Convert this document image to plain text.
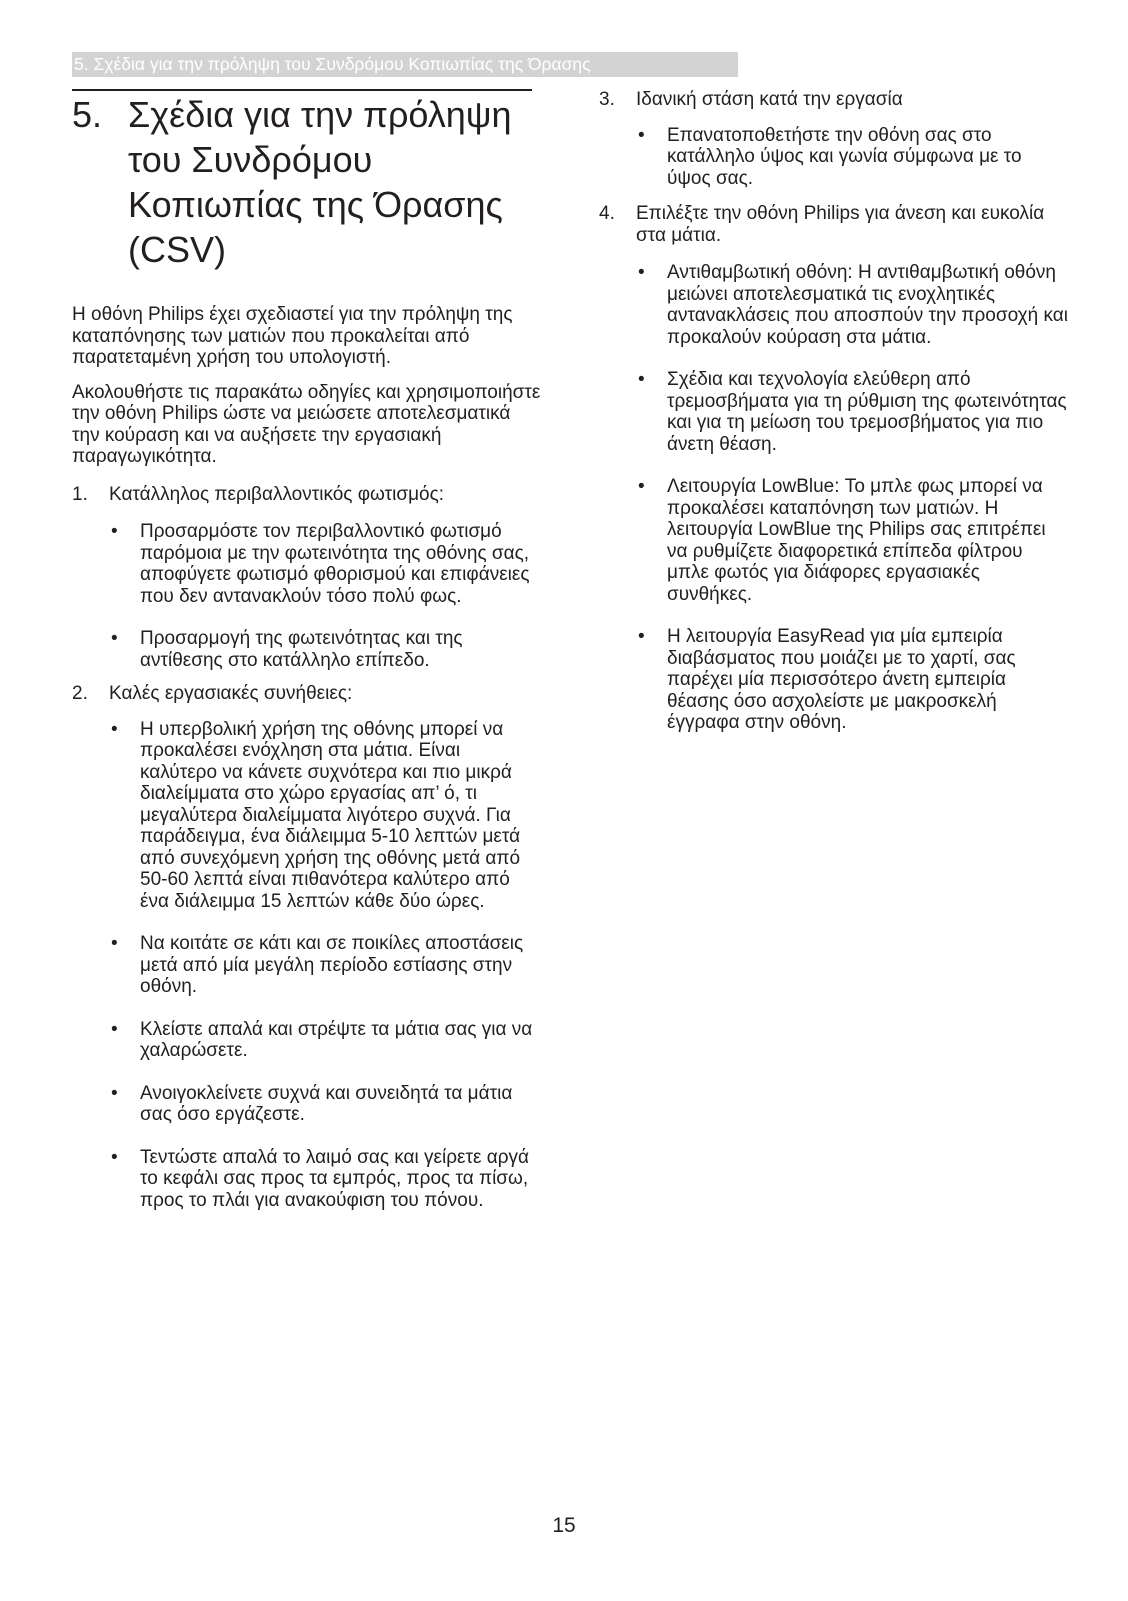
5. Σχέδια για την πρόληψη του Συνδρόμου Κοπιωπίας της Όρασης
5. Σχέδια για την πρόληψη του Συνδρόμου Κοπιωπίας της Όρασης (CSV)

Η οθόνη Philips έχει σχεδιαστεί για την πρόληψη της καταπόνησης των ματιών που προκαλείται από παρατεταμένη χρήση του υπολογιστή.

Ακολουθήστε τις παρακάτω οδηγίες και χρησιμοποιήστε την οθόνη Philips ώστε να μειώσετε αποτελεσματικά την κούραση και να αυξήσετε την εργασιακή παραγωγικότητα.

1. Κατάλληλος περιβαλλοντικός φωτισμός:
• Προσαρμόστε τον περιβαλλοντικό φωτισμό παρόμοια με την φωτεινότητα της οθόνης σας, αποφύγετε φωτισμό φθορισμού και επιφάνειες που δεν αντανακλούν τόσο πολύ φως.
• Προσαρμογή της φωτεινότητας και της αντίθεσης στο κατάλληλο επίπεδο.
2. Καλές εργασιακές συνήθειες:
• Η υπερβολική χρήση της οθόνης μπορεί να προκαλέσει ενόχληση στα μάτια. Είναι καλύτερο να κάνετε συχνότερα και πιο μικρά διαλείμματα στο χώρο εργασίας απ’ ό, τι μεγαλύτερα διαλείμματα λιγότερο συχνά. Για παράδειγμα, ένα διάλειμμα 5-10 λεπτών μετά από συνεχόμενη χρήση της οθόνης μετά από 50-60 λεπτά είναι πιθανότερα καλύτερο από ένα διάλειμμα 15 λεπτών κάθε δύο ώρες.
• Να κοιτάτε σε κάτι και σε ποικίλες αποστάσεις μετά από μία μεγάλη περίοδο εστίασης στην οθόνη.
• Κλείστε απαλά και στρέψτε τα μάτια σας για να χαλαρώσετε.
• Ανοιγοκλείνετε συχνά και συνειδητά τα μάτια σας όσο εργάζεστε.
• Τεντώστε απαλά το λαιμό σας και γείρετε αργά το κεφάλι σας προς τα εμπρός, προς τα πίσω, προς το πλάι για ανακούφιση του πόνου.
3. Ιδανική στάση κατά την εργασία
• Επανατοποθετήστε την οθόνη σας στο κατάλληλο ύψος και γωνία σύμφωνα με το ύψος σας.
4. Επιλέξτε την οθόνη Philips για άνεση και ευκολία στα μάτια.
• Αντιθαμβωτική οθόνη: Η αντιθαμβωτική οθόνη μειώνει αποτελεσματικά τις ενοχλητικές αντανακλάσεις που αποσπούν την προσοχή και προκαλούν κούραση στα μάτια.
• Σχέδια και τεχνολογία ελεύθερη από τρεμοσβήματα για τη ρύθμιση της φωτεινότητας και για τη μείωση του τρεμοσβήματος για πιο άνετη θέαση.
• Λειτουργία LowBlue: Το μπλε φως μπορεί να προκαλέσει καταπόνηση των ματιών. Η λειτουργία LowBlue της Philips σας επιτρέπει να ρυθμίζετε διαφορετικά επίπεδα φίλτρου μπλε φωτός για διάφορες εργασιακές συνθήκες.
• Η λειτουργία EasyRead για μία εμπειρία διαβάσματος που μοιάζει με το χαρτί, σας παρέχει μία περισσότερο άνετη εμπειρία θέασης όσο ασχολείστε με μακροσκελή έγγραφα στην οθόνη.
15
